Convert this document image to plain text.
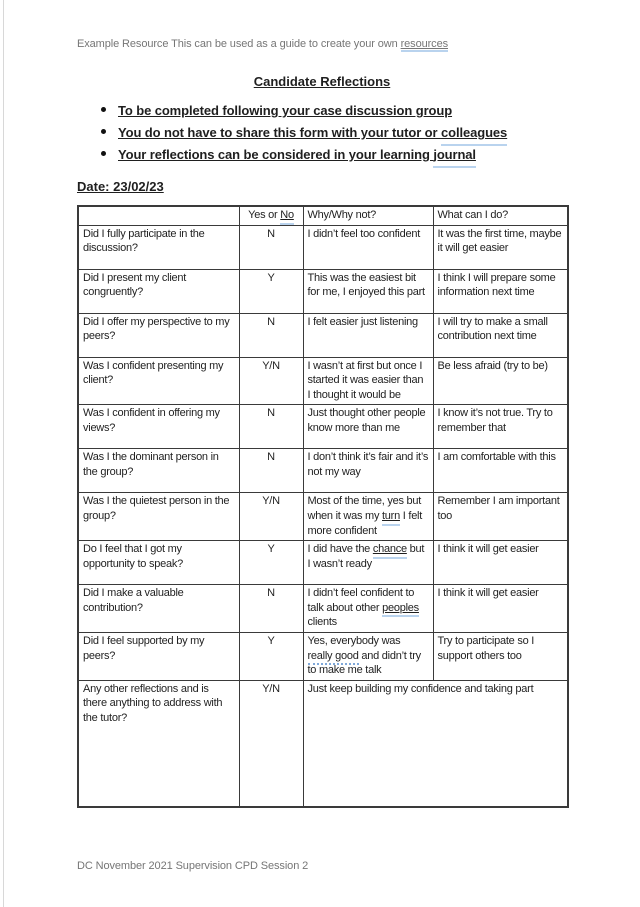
Example Resource This can be used as a guide to create your own resources
Candidate Reflections
To be completed following your case discussion group
You do not have to share this form with your tutor or colleagues
Your reflections can be considered in your learning journal
Date: 23/02/23
	Yes or No	Why/Why not?	What can I do?
Did I fully participate in the discussion?	N	I didn’t feel too confident	It was the first time, maybe it will get easier
Did I present my client congruently?	Y	This was the easiest bit for me, I enjoyed this part	I think I will prepare some information next time
Did I offer my perspective to my peers?	N	I felt easier just listening	I will try to make a small contribution next time
Was I confident presenting my client?	Y/N	I wasn’t at first but once I started it was easier than I thought it would be	Be less afraid (try to be)
Was I confident in offering my views?	N	Just thought other people know more than me	I know it’s not true. Try to remember that
Was I the dominant person in the group?	N	I don’t think it’s fair and it’s not my way	I am comfortable with this
Was I the quietest person in the group?	Y/N	Most of the time, yes but when it was my turn I felt more confident	Remember I am important too
Do I feel that I got my opportunity to speak?	Y	I did have the chance but I wasn’t ready	I think it will get easier
Did I make a valuable contribution?	N	I didn’t feel confident to talk about other peoples clients	I think it will get easier
Did I feel supported by my peers?	Y	Yes, everybody was really good and didn’t try to make me talk	Try to participate so I support others too
Any other reflections and is there anything to address with the tutor?	Y/N	Just keep building my confidence and taking part	
DC November 2021 Supervision CPD Session 2
